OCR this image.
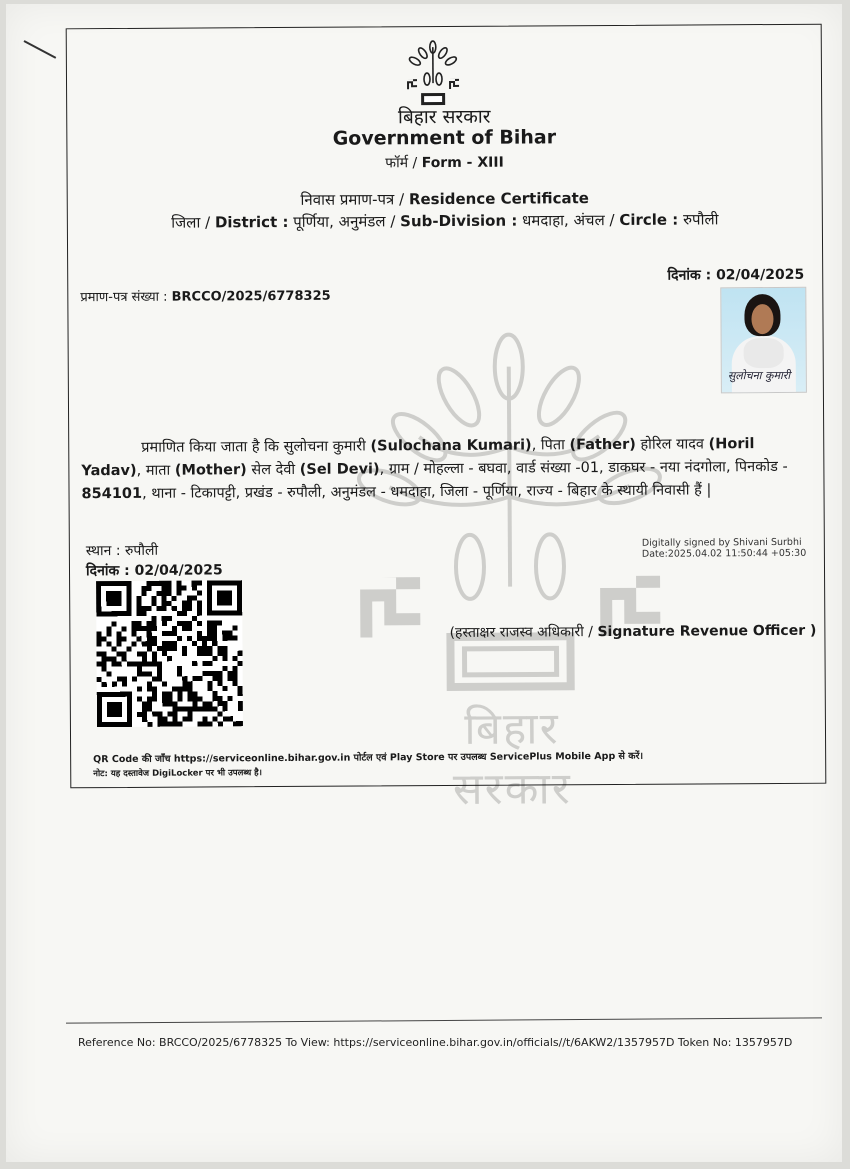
बिहार सरकार
बिहार सरकार
Government of Bihar
फॉर्म / Form - XIII
निवास प्रमाण-पत्र / Residence Certificate
जिला / District : पूर्णिया, अनुमंडल / Sub-Division : धमदाहा, अंचल / Circle : रुपौली
दिनांक : 02/04/2025
प्रमाण-पत्र संख्या : BRCCO/2025/6778325
सुलोचना कुमारी
प्रमाणित किया जाता है कि सुलोचना कुमारी (Sulochana Kumari), पिता (Father) होरिल यादव (Horil Yadav), माता (Mother) सेल देवी (Sel Devi), ग्राम / मोहल्ला - बघवा, वार्ड संख्या -01, डाकघर - नया नंदगोला, पिनकोड - 854101, थाना - टिकापट्टी, प्रखंड - रुपौली, अनुमंडल - धमदाहा, जिला - पूर्णिया, राज्य - बिहार के स्थायी निवासी हैं |
स्थान : रुपौली
दिनांक : 02/04/2025
Digitally signed by Shivani Surbhi
Date:2025.04.02 11:50:44 +05:30
(हस्ताक्षर राजस्व अधिकारी / Signature Revenue Officer )
QR Code की जाँच https://serviceonline.bihar.gov.in पोर्टल एवं Play Store पर उपलब्ध ServicePlus Mobile App से करें।
नोट: यह दस्तावेज DigiLocker पर भी उपलब्ध है।
Reference No: BRCCO/2025/6778325 To View: https://serviceonline.bihar.gov.in/officials//t/6AKW2/1357957D Token No: 1357957D
